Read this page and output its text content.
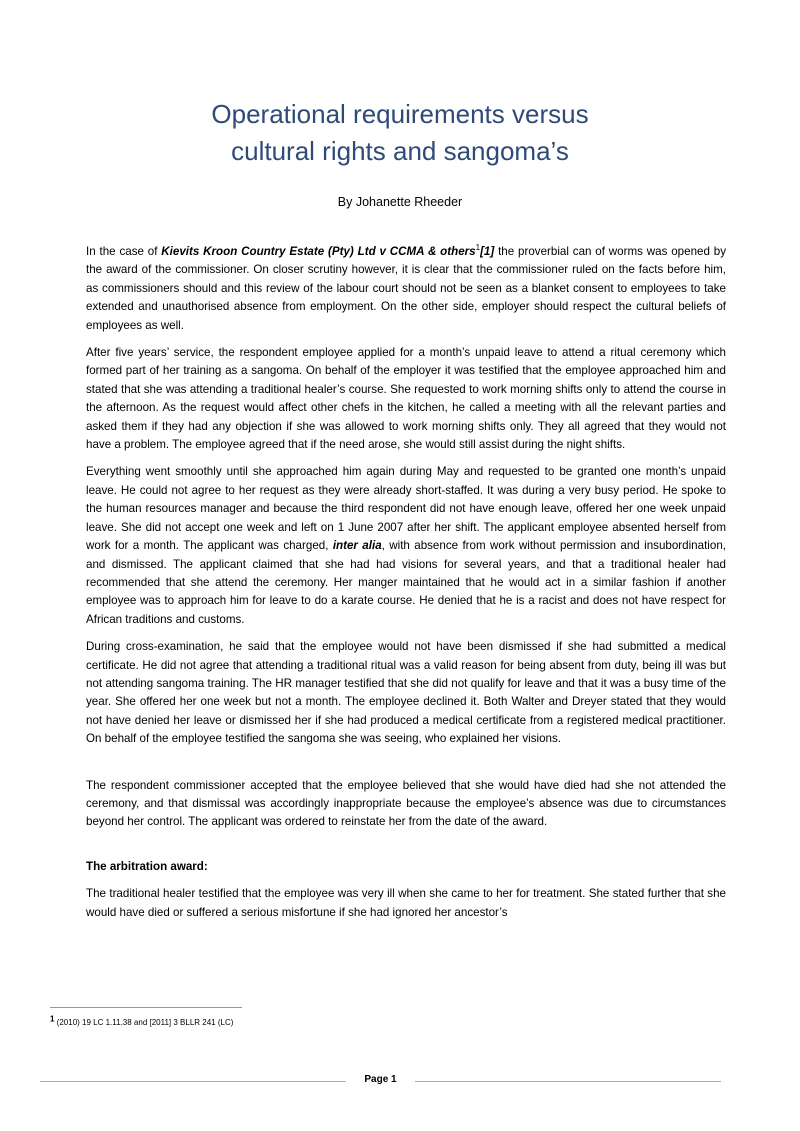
Operational requirements versus
cultural rights and sangoma’s
By Johanette Rheeder

In the case of Kievits Kroon Country Estate (Pty) Ltd v CCMA & others$^1$[1] the proverbial can of worms was opened by the award of the commissioner. On closer scrutiny however, it is clear that the commissioner ruled on the facts before him, as commissioners should and this review of the labour court should not be seen as a blanket consent to employees to take extended and unauthorised absence from employment. On the other side, employer should respect the cultural beliefs of employees as well.

After five years’ service, the respondent employee applied for a month’s unpaid leave to attend a ritual ceremony which formed part of her training as a sangoma. On behalf of the employer it was testified that the employee approached him and stated that she was attending a traditional healer’s course. She requested to work morning shifts only to attend the course in the afternoon. As the request would affect other chefs in the kitchen, he called a meeting with all the relevant parties and asked them if they had any objection if she was allowed to work morning shifts only. They all agreed that they would not have a problem. The employee agreed that if the need arose, she would still assist during the night shifts.

Everything went smoothly until she approached him again during May and requested to be granted one month’s unpaid leave. He could not agree to her request as they were already short-staffed. It was during a very busy period. He spoke to the human resources manager and because the third respondent did not have enough leave, offered her one week unpaid leave. She did not accept one week and left on 1 June 2007 after her shift. The applicant employee absented herself from work for a month. The applicant was charged, inter alia, with absence from work without permission and insubordination, and dismissed. The applicant claimed that she had had visions for several years, and that a traditional healer had recommended that she attend the ceremony. Her manger maintained that he would act in a similar fashion if another employee was to approach him for leave to do a karate course. He denied that he is a racist and does not have respect for African traditions and customs.

During cross-examination, he said that the employee would not have been dismissed if she had submitted a medical certificate. He did not agree that attending a traditional ritual was a valid reason for being absent from duty, being ill was but not attending sangoma training. The HR manager testified that she did not qualify for leave and that it was a busy time of the year. She offered her one week but not a month. The employee declined it. Both Walter and Dreyer stated that they would not have denied her leave or dismissed her if she had produced a medical certificate from a registered medical practitioner. On behalf of the employee testified the sangoma she was seeing, who explained her visions.

The respondent commissioner accepted that the employee believed that she would have died had she not attended the ceremony, and that dismissal was accordingly inappropriate because the employee’s absence was due to circumstances beyond her control. The applicant was ordered to reinstate her from the date of the award.

The arbitration award:

The traditional healer testified that the employee was very ill when she came to her for treatment. She stated further that she would have died or suffered a serious misfortune if she had ignored her ancestor’s

$^1$ (2010) 19 LC 1.11.38 and [2011] 3 BLLR 241 (LC)
Page 1
